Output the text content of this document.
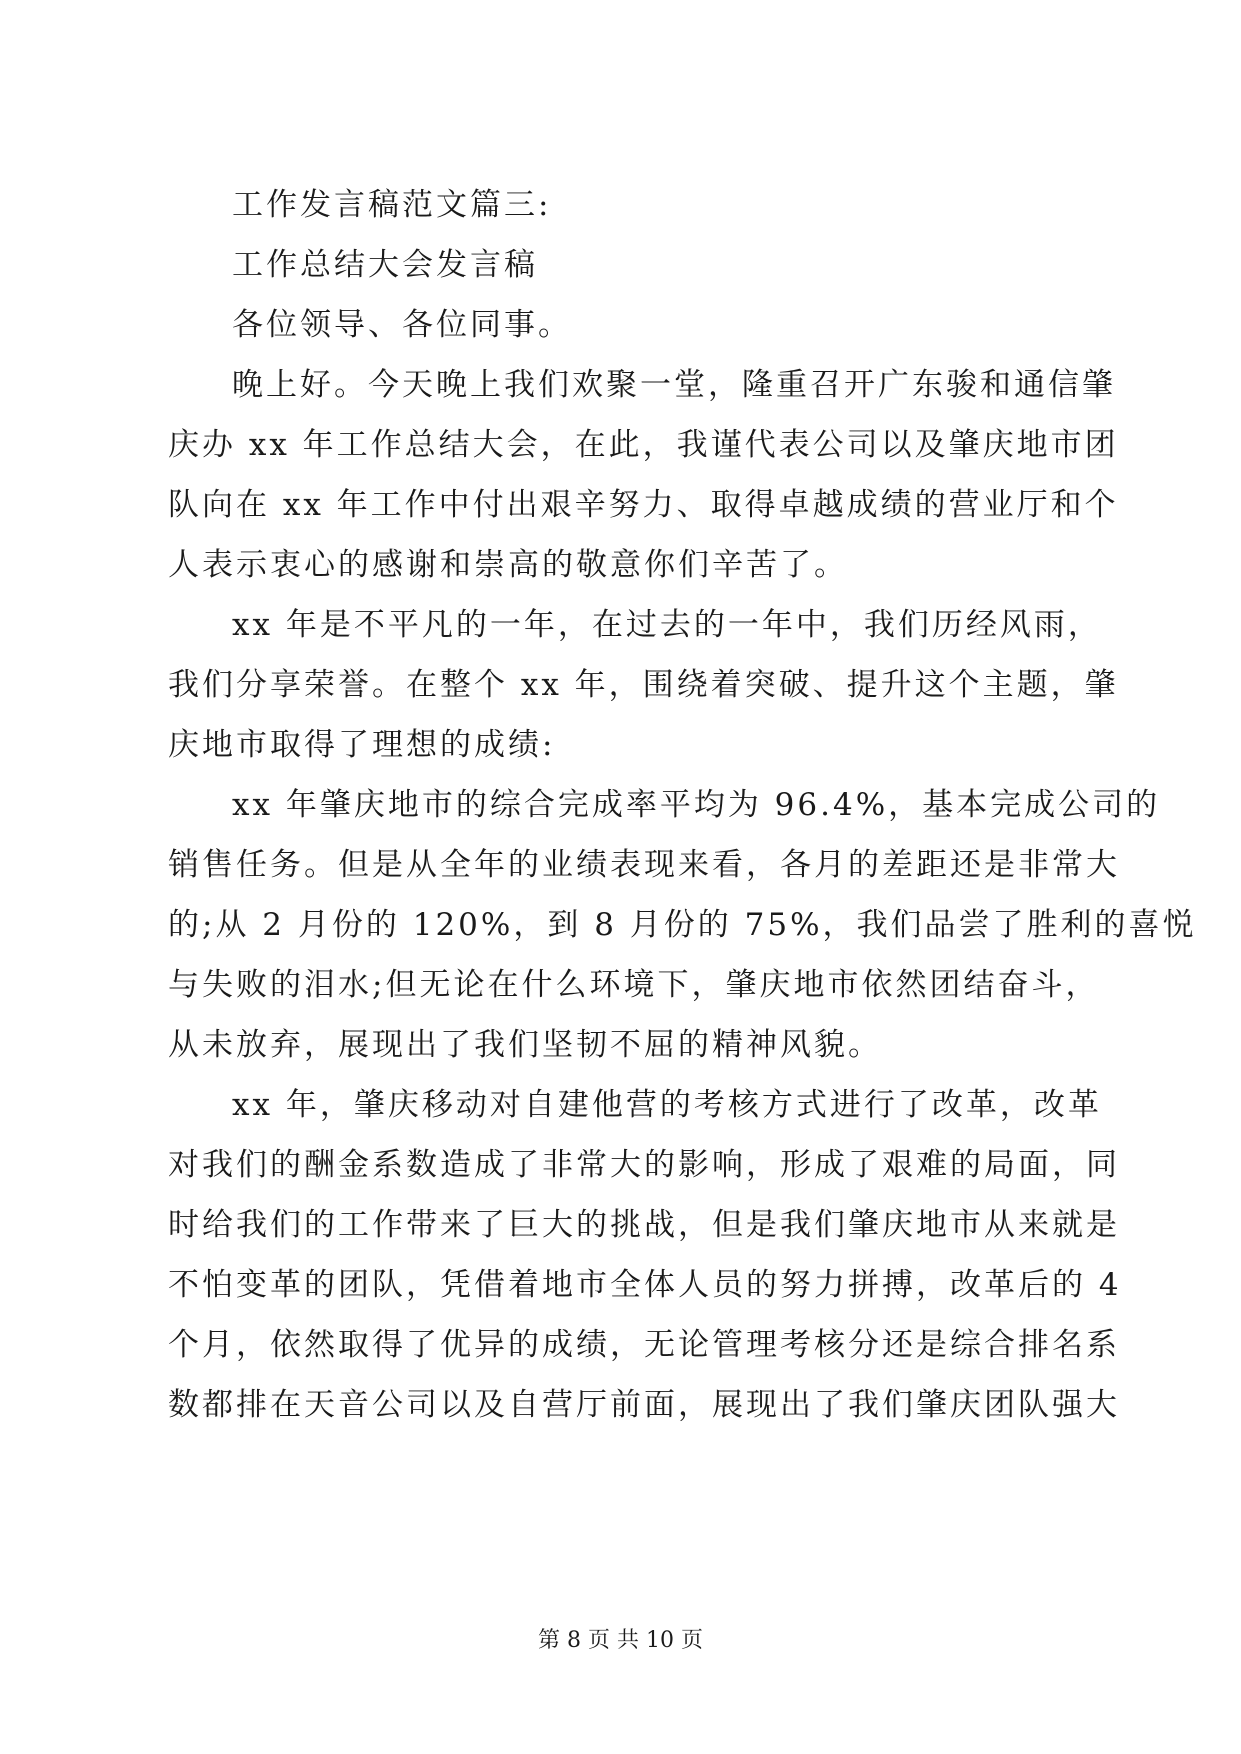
工作发言稿范文篇三:
工作总结大会发言稿
各位领导、各位同事。
晚上好。今天晚上我们欢聚一堂，隆重召开广东骏和通信肇
庆办 xx 年工作总结大会，在此，我谨代表公司以及肇庆地市团
队向在 xx 年工作中付出艰辛努力、取得卓越成绩的营业厅和个
人表示衷心的感谢和崇高的敬意你们辛苦了。
xx 年是不平凡的一年，在过去的一年中，我们历经风雨，
我们分享荣誉。在整个 xx 年，围绕着突破、提升这个主题，肇
庆地市取得了理想的成绩:
xx 年肇庆地市的综合完成率平均为 96.4%，基本完成公司的
销售任务。但是从全年的业绩表现来看，各月的差距还是非常大
的;从 2 月份的 120%，到 8 月份的 75%，我们品尝了胜利的喜悦
与失败的泪水;但无论在什么环境下，肇庆地市依然团结奋斗，
从未放弃，展现出了我们坚韧不屈的精神风貌。
xx 年，肇庆移动对自建他营的考核方式进行了改革，改革
对我们的酬金系数造成了非常大的影响，形成了艰难的局面，同
时给我们的工作带来了巨大的挑战，但是我们肇庆地市从来就是
不怕变革的团队，凭借着地市全体人员的努力拼搏，改革后的 4
个月，依然取得了优异的成绩，无论管理考核分还是综合排名系
数都排在天音公司以及自营厅前面，展现出了我们肇庆团队强大
第 8 页 共 10 页
